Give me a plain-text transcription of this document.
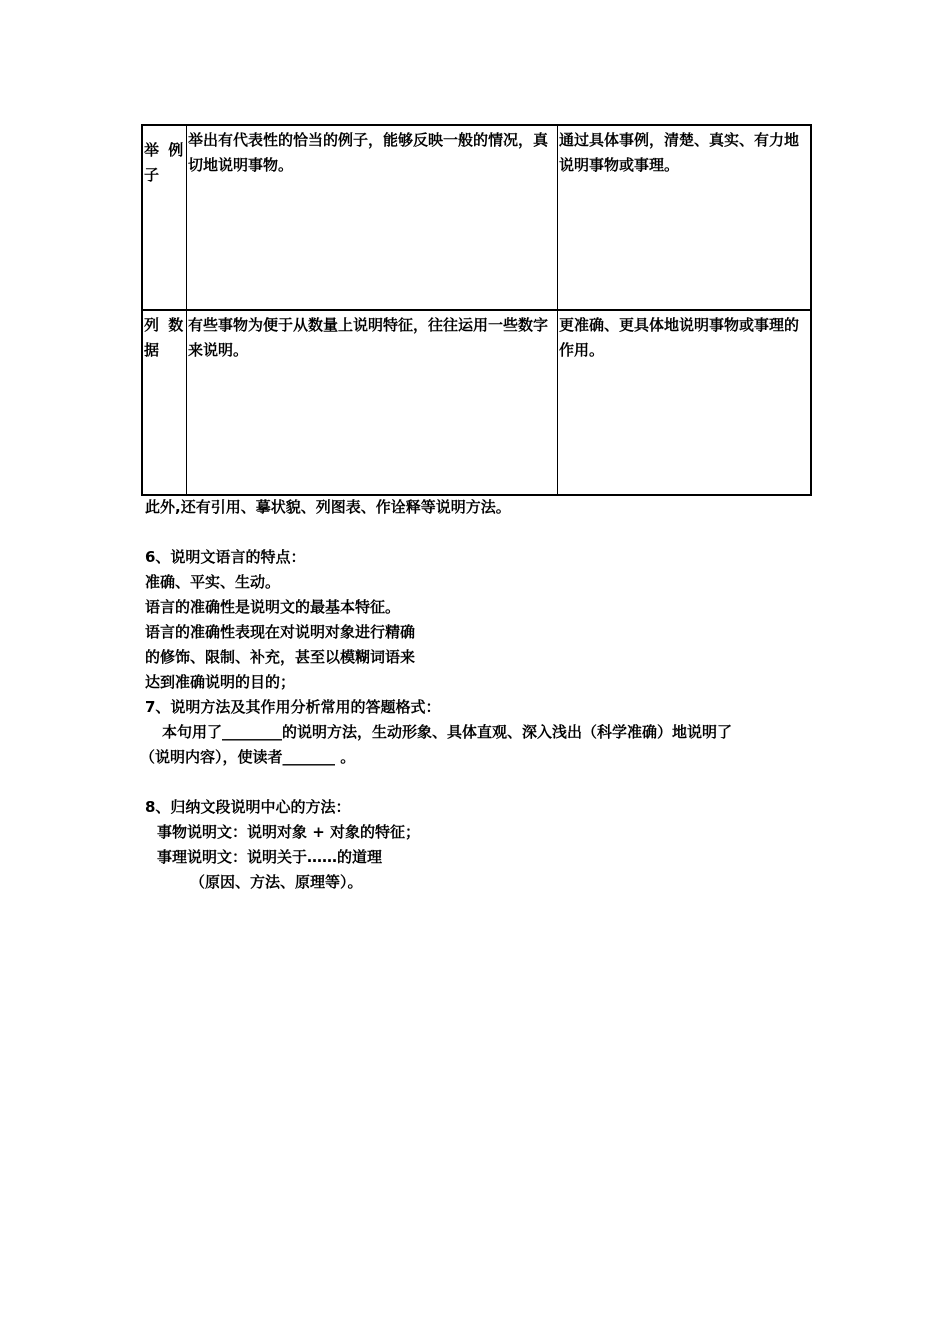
举 例 子	举出有代表性的恰当的例子，能够反映一般的情况，真切地说明事物。	通过具体事例，清楚、真实、有力地说明事物或事理。

列 数 据	有些事物为便于从数量上说明特征，往往运用一些数字来说明。	更准确、更具体地说明事物或事理的作用。
此外,还有引用、摹状貌、列图表、作诠释等说明方法。
6、说明文语言的特点：
准确、平实、生动。
语言的准确性是说明文的最基本特征。
语言的准确性表现在对说明对象进行精确
的修饰、限制、补充，甚至以模糊词语来
达到准确说明的目的；
7、说明方法及其作用分析常用的答题格式：
本句用了________的说明方法，生动形象、具体直观、深入浅出（科学准确）地说明了
（说明内容），使读者_______ 。
8、归纳文段说明中心的方法：
事物说明文：说明对象 + 对象的特征；
事理说明文：说明关于……的道理
（原因、方法、原理等）。
